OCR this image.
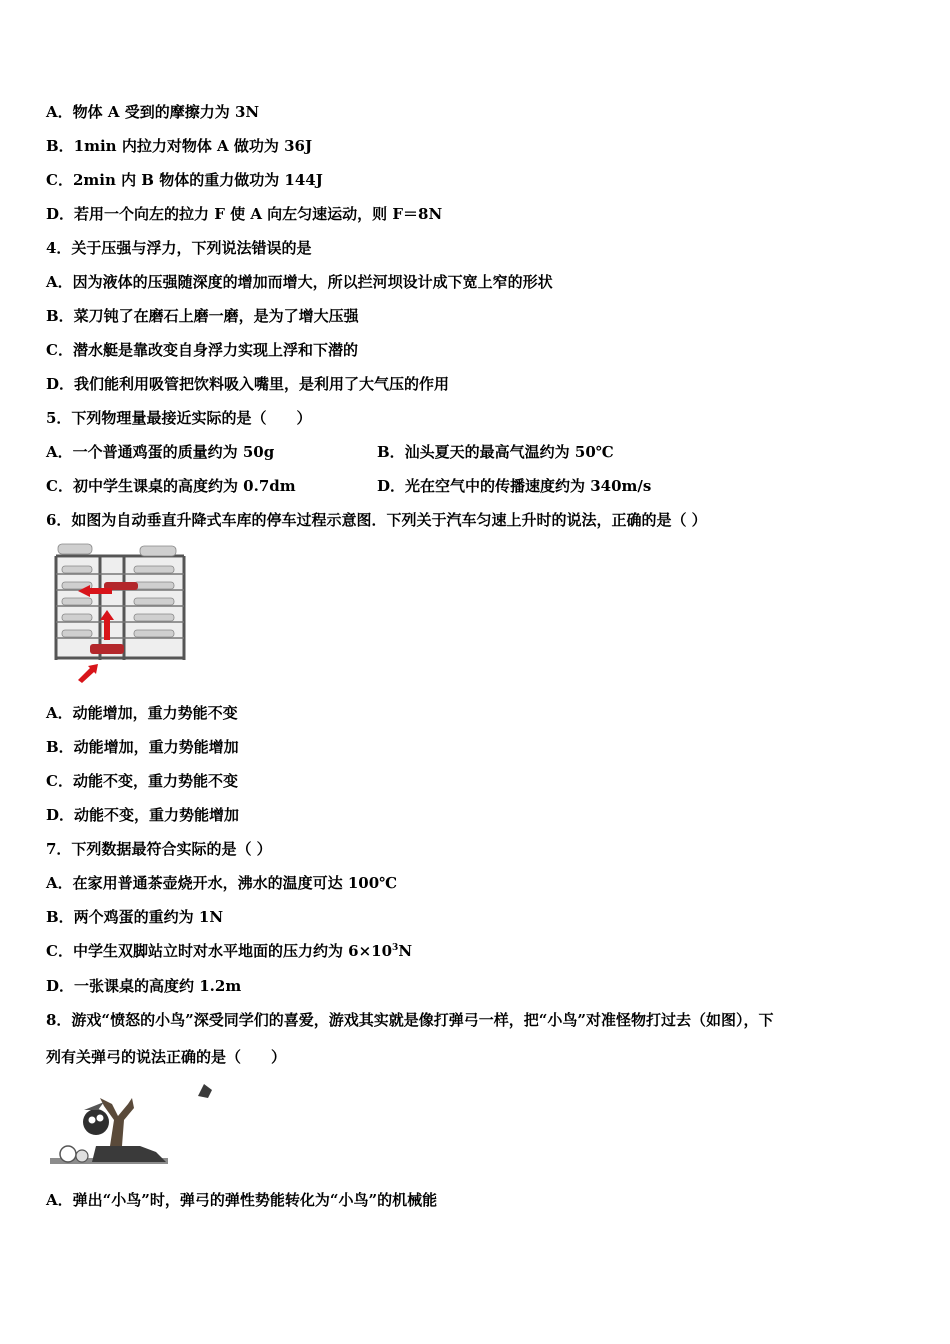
A．物体 A 受到的摩擦力为 3N
B．1min 内拉力对物体 A 做功为 36J
C．2min 内 B 物体的重力做功为 144J
D．若用一个向左的拉力 F 使 A 向左匀速运动，则 F＝8N
4．关于压强与浮力，下列说法错误的是
A．因为液体的压强随深度的增加而增大，所以拦河坝设计成下宽上窄的形状
B．菜刀钝了在磨石上磨一磨，是为了增大压强
C．潜水艇是靠改变自身浮力实现上浮和下潜的
D．我们能利用吸管把饮料吸入嘴里，是利用了大气压的作用
5．下列物理量最接近实际的是（　　）
A．一个普通鸡蛋的质量约为 50g	B．汕头夏天的最高气温约为 50℃
C．初中学生课桌的高度约为 0.7dm	D．光在空气中的传播速度约为 340m/s
6．如图为自动垂直升降式车库的停车过程示意图．下列关于汽车匀速上升时的说法，正确的是（ ）
A．动能增加，重力势能不变
B．动能增加，重力势能增加
C．动能不变，重力势能不变
D．动能不变，重力势能增加
7．下列数据最符合实际的是（ ）
A．在家用普通茶壶烧开水，沸水的温度可达 100℃
B．两个鸡蛋的重约为 1N
C．中学生双脚站立时对水平地面的压力约为 $6\times 10^3N$
D．一张课桌的高度约 1.2m
8．游戏“愤怒的小鸟”深受同学们的喜爱，游戏其实就是像打弹弓一样，把“小鸟”对准怪物打过去（如图），下
列有关弹弓的说法正确的是（　　）
A．弹出“小鸟”时，弹弓的弹性势能转化为“小鸟”的机械能
